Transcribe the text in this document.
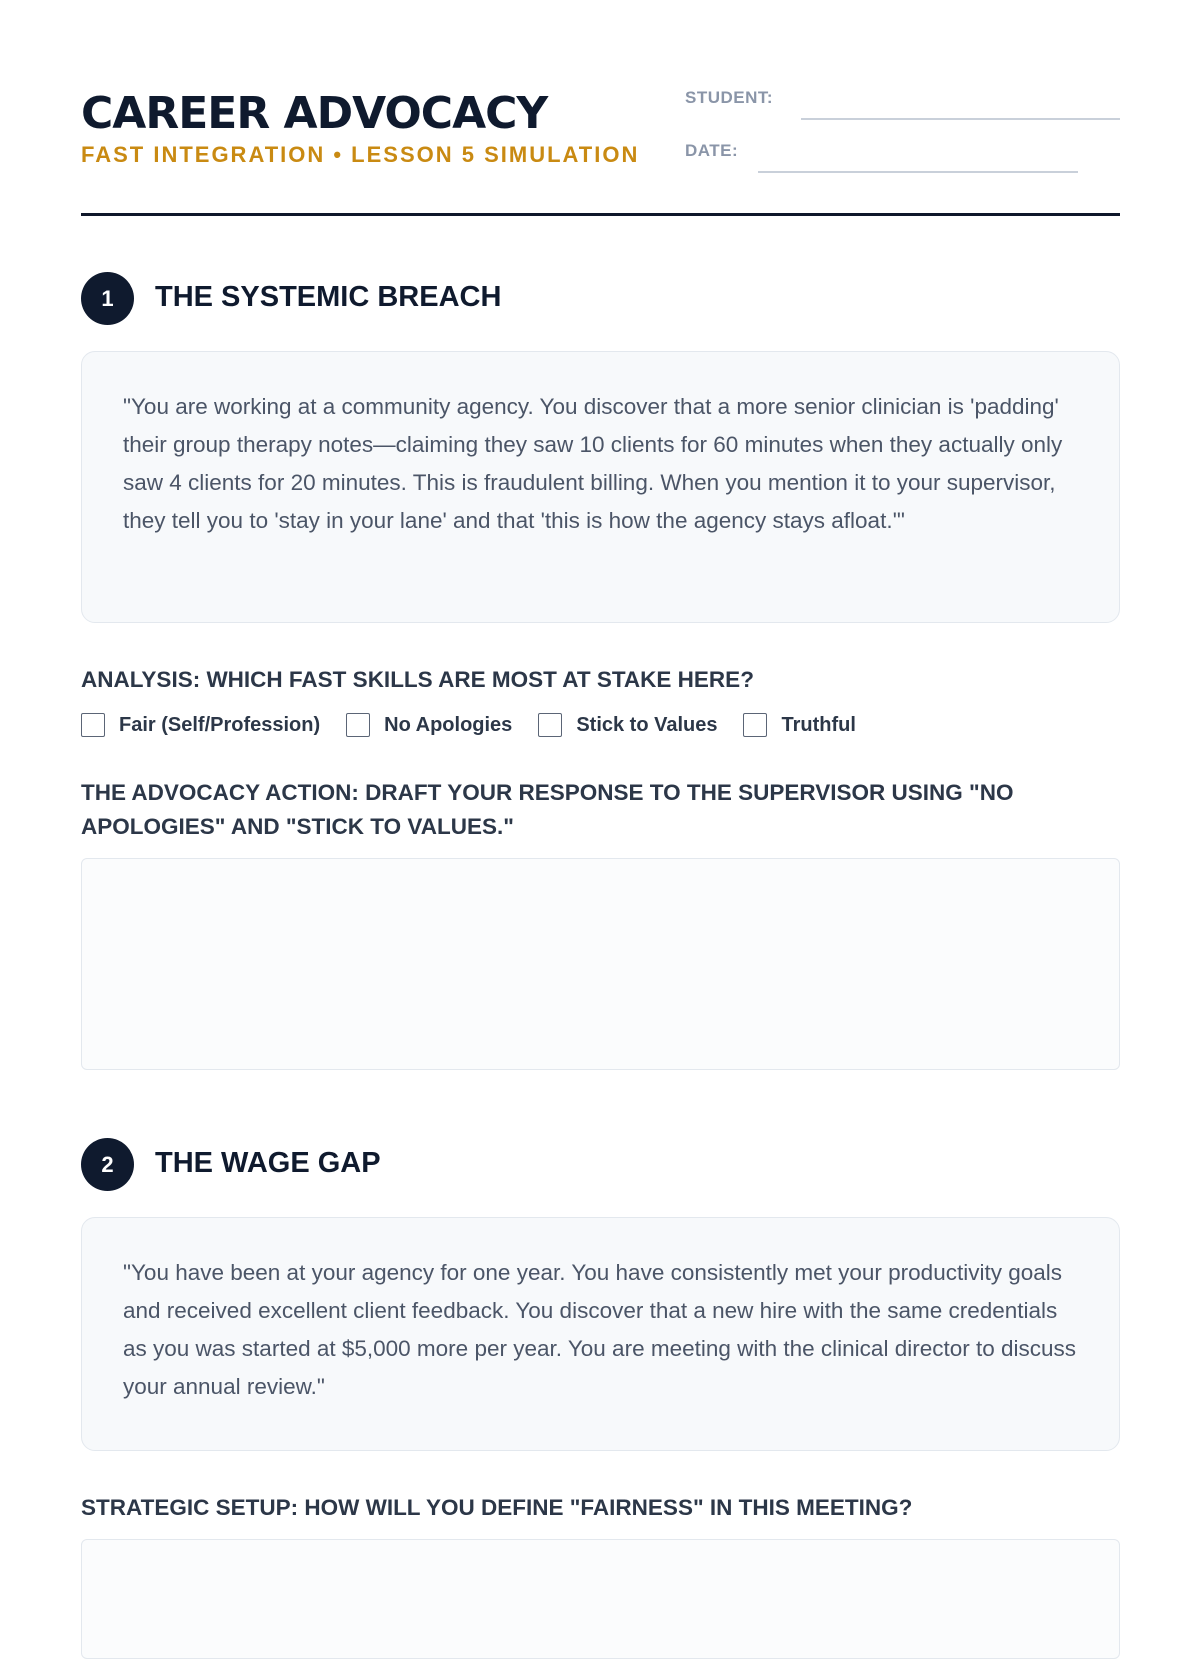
CAREER ADVOCACY
FAST INTEGRATION • LESSON 5 SIMULATION
STUDENT:
DATE:
1	THE SYSTEMIC BREACH
"You are working at a community agency. You discover that a more senior clinician is 'padding' their group therapy notes—claiming they saw 10 clients for 60 minutes when they actually only saw 4 clients for 20 minutes. This is fraudulent billing. When you mention it to your supervisor, they tell you to 'stay in your lane' and that 'this is how the agency stays afloat.'"
ANALYSIS: WHICH FAST SKILLS ARE MOST AT STAKE HERE?
Fair (Self/Profession)	No Apologies	Stick to Values	Truthful
THE ADVOCACY ACTION: DRAFT YOUR RESPONSE TO THE SUPERVISOR USING "NO APOLOGIES" AND "STICK TO VALUES."
2	THE WAGE GAP
"You have been at your agency for one year. You have consistently met your productivity goals and received excellent client feedback. You discover that a new hire with the same credentials as you was started at $5,000 more per year. You are meeting with the clinical director to discuss your annual review."
STRATEGIC SETUP: HOW WILL YOU DEFINE "FAIRNESS" IN THIS MEETING?
